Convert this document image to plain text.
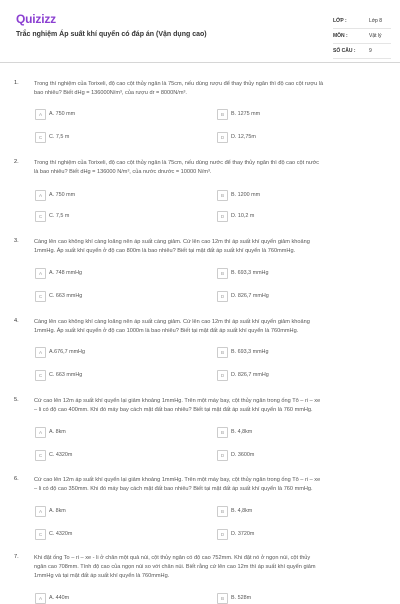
Quizizz
Trắc nghiệm Áp suất khí quyển có đáp án (Vận dụng cao)
LỚP :	Lớp 8
MÔN :	Vật lý
SỐ CÂU :	9
1.	Trong thí nghiệm của Torixeli, độ cao cột thủy ngân là 75cm, nếu dùng rượu để thay thủy ngân thì độ cao cột rượu là
bao nhiêu? Biết dHg = 136000N/m³, của rượu dr = 8000N/m³.
A	A. 750 mm	B	B. 1275 mm
C	C. 7,5 m	D	D. 12,75m
2.	Trong thí nghiệm của Torixeli, độ cao cột thủy ngân là 75cm, nếu dùng nước để thay thủy ngân thì độ cao cột nước
là bao nhiêu? Biết dHg = 136000 N/m³, của nước dnước = 10000 N/m³.
A	A. 750 mm	B	B. 1200 mm
C	C. 7,5 m	D	D. 10,2 m
3.	Càng lên cao không khí càng loãng nên áp suất càng giảm. Cứ lên cao 12m thì áp suất khí quyển giảm khoảng
1mmHg. Áp suất khí quyển ở độ cao 800m là bao nhiêu? Biết tại mặt đất áp suất khí quyển là 760mmHg.
A	A. 748 mmHg	B	B. 693,3 mmHg
C	C. 663 mmHg	D	D. 826,7 mmHg
4.	Càng lên cao không khí càng loãng nên áp suất càng giảm. Cứ lên cao 12m thì áp suất khí quyển giảm khoảng
1mmHg. Áp suất khí quyển ở độ cao 1000m là bao nhiêu? Biết tại mặt đất áp suất khí quyển là 760mmHg.
A	A.676,7 mmHg	B	B. 693,3 mmHg
C	C. 663 mmHg	D	D. 826,7 mmHg
5.	Cứ cao lên 12m áp suất khí quyển lại giảm khoảng 1mmHg. Trên một máy bay, cột thủy ngân trong ống Tô – ri – xe
– li có độ cao 400mm. Khi đó máy bay cách mặt đất bao nhiêu? Biết tại mặt đất áp suất khí quyển là 760 mmHg.
A	A. 8km	B	B. 4,8km
C	C. 4320m	D	D. 3600m
6.	Cứ cao lên 12m áp suất khí quyển lại giảm khoảng 1mmHg. Trên một máy bay, cột thủy ngân trong ống Tô – ri – xe
– li có độ cao 350mm. Khi đó máy bay cách mặt đất bao nhiêu? Biết tại mặt đất áp suất khí quyển là 760 mmHg.
A	A. 8km	B	B. 4,8km
C	C. 4320m	D	D. 3720m
7.	Khi đặt ống To – ri – xe - li ở chân một quả núi, cột thủy ngân có độ cao 752mm. Khi đặt nó ở ngọn núi, cột thủy
ngân cao 708mm. Tính độ cao của ngọn núi so với chân núi. Biết rằng cứ lên cao 12m thì áp suất khí quyển giảm
1mmHg và tại mặt đất áp suất khí quyển là 760mmHg.
A	A. 440m	B	B. 528m
